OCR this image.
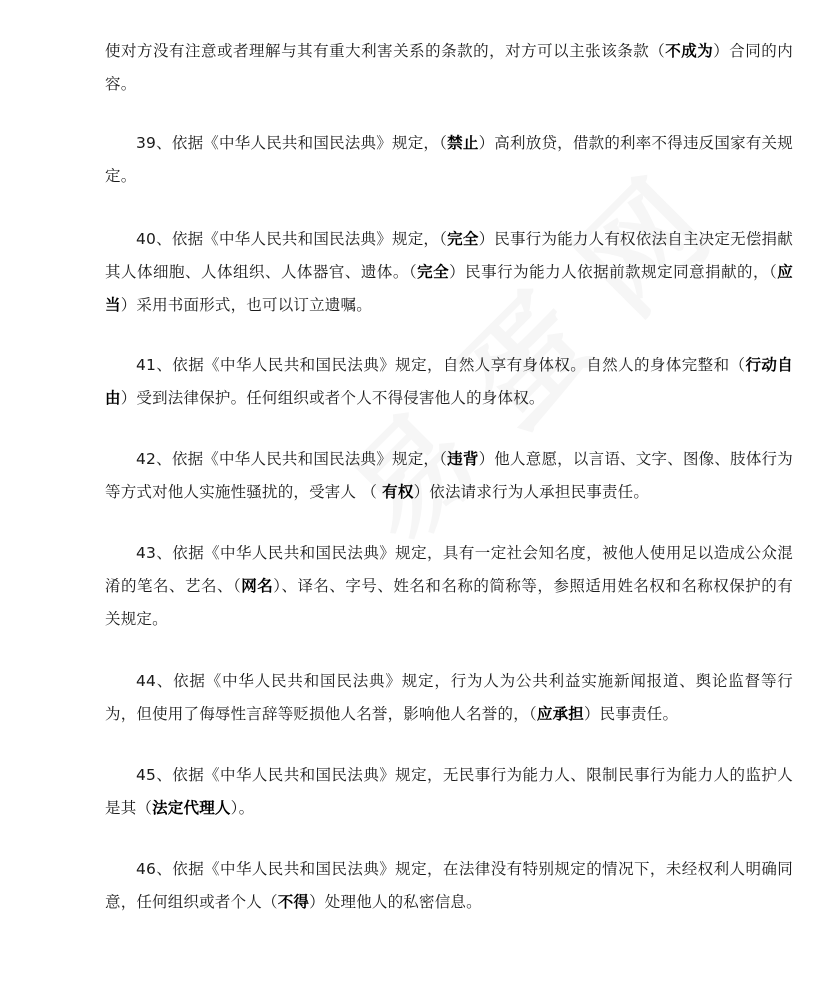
使对方没有注意或者理解与其有重大利害关系的条款的，对方可以主张该条款（不成为）合同的内容。

39、依据《中华人民共和国民法典》规定，（禁止）高利放贷，借款的利率不得违反国家有关规定。

40、依据《中华人民共和国民法典》规定，（完全）民事行为能力人有权依法自主决定无偿捐献其人体细胞、人体组织、人体器官、遗体。（完全）民事行为能力人依据前款规定同意捐献的，（应当）采用书面形式，也可以订立遗嘱。

41、依据《中华人民共和国民法典》规定，自然人享有身体权。自然人的身体完整和（行动自由）受到法律保护。任何组织或者个人不得侵害他人的身体权。

42、依据《中华人民共和国民法典》规定，（违背）他人意愿，以言语、文字、图像、肢体行为等方式对他人实施性骚扰的，受害人 （ 有权）依法请求行为人承担民事责任。

43、依据《中华人民共和国民法典》规定，具有一定社会知名度，被他人使用足以造成公众混淆的笔名、艺名、（网名）、译名、字号、姓名和名称的简称等，参照适用姓名权和名称权保护的有关规定。

44、依据《中华人民共和国民法典》规定，行为人为公共利益实施新闻报道、舆论监督等行为，但使用了侮辱性言辞等贬损他人名誉，影响他人名誉的，（应承担）民事责任。

45、依据《中华人民共和国民法典》规定，无民事行为能力人、限制民事行为能力人的监护人是其（法定代理人）。

46、依据《中华人民共和国民法典》规定，在法律没有特别规定的情况下，未经权利人明确同意，任何组织或者个人（不得）处理他人的私密信息。
